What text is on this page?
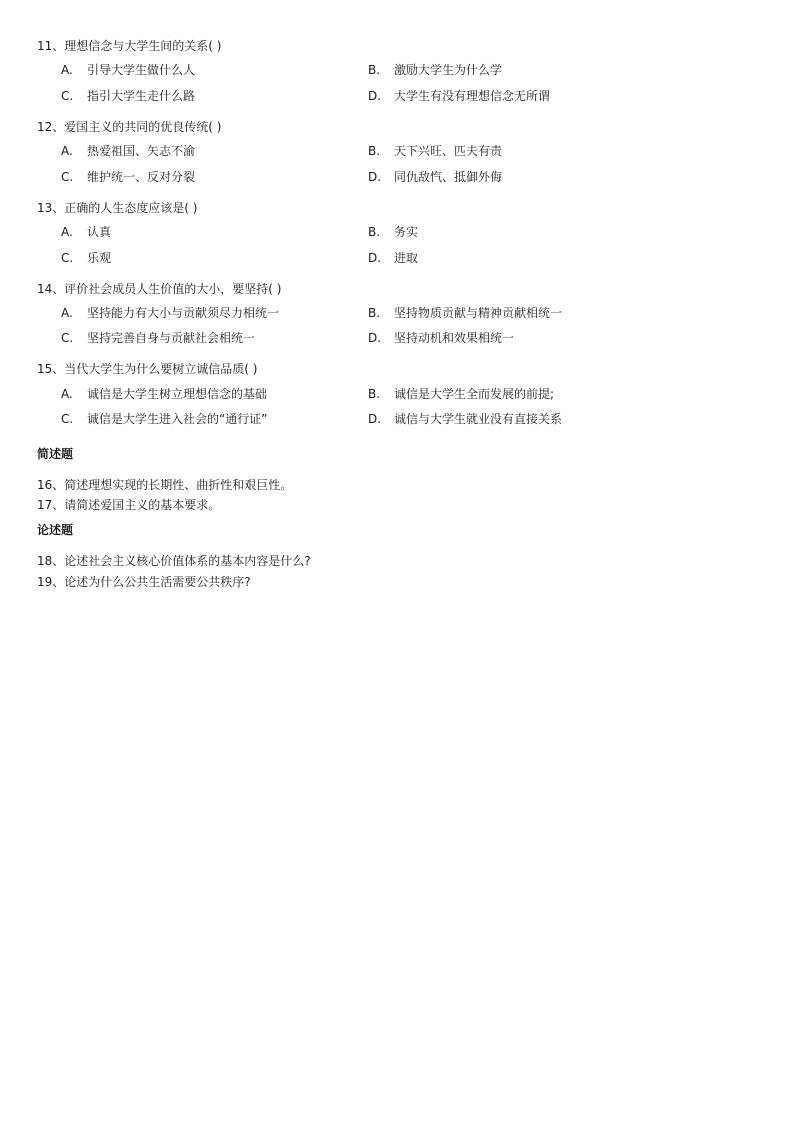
11、理想信念与大学生间的关系( )
A. 引导大学生做什么人	B. 激励大学生为什么学
C. 指引大学生走什么路	D. 大学生有没有理想信念无所谓
12、爱国主义的共同的优良传统( )
A. 热爱祖国、矢志不渝	B. 天下兴旺、匹夫有责
C. 维护统一、反对分裂	D. 同仇敌忾、抵御外侮
13、正确的人生态度应该是( )
A. 认真	B. 务实
C. 乐观	D. 进取
14、评价社会成员人生价值的大小，要坚持( )
A. 坚持能力有大小与贡献须尽力相统一	B. 坚持物质贡献与精神贡献相统一
C. 坚持完善自身与贡献社会相统一	D. 坚持动机和效果相统一
15、当代大学生为什么要树立诚信品质( )
A. 诚信是大学生树立理想信念的基础	B. 诚信是大学生全而发展的前提;
C. 诚信是大学生进入社会的“通行证”	D. 诚信与大学生就业没有直接关系
简述题
16、简述理想实现的长期性、曲折性和艰巨性。
17、请简述爱国主义的基本要求。
论述题
18、论述社会主义核心价值体系的基本内容是什么?
19、论述为什么公共生活需要公共秩序?
